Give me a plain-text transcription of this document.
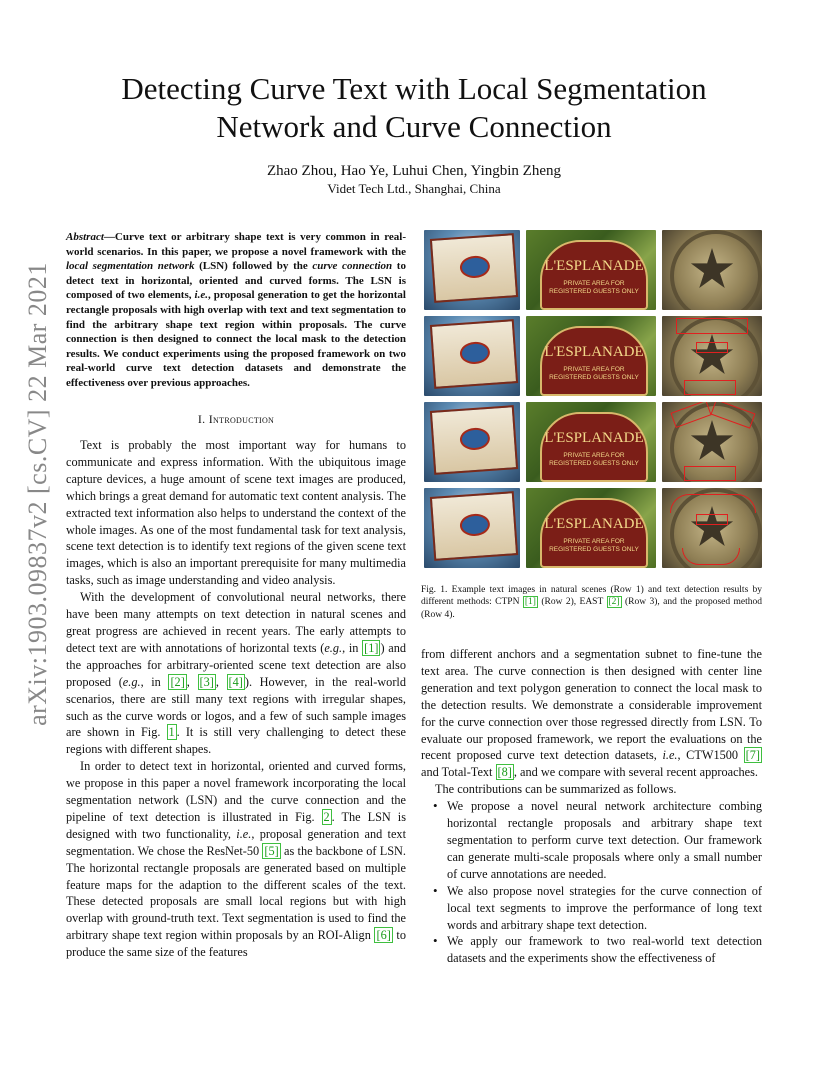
arXiv:1903.09837v2 [cs.CV] 22 Mar 2021
Detecting Curve Text with Local Segmentation
Network and Curve Connection
Zhao Zhou, Hao Ye, Luhui Chen, Yingbin Zheng
Videt Tech Ltd., Shanghai, China
Abstract—Curve text or arbitrary shape text is very common in real-world scenarios. In this paper, we propose a novel framework with the local segmentation network (LSN) followed by the curve connection to detect text in horizontal, oriented and curved forms. The LSN is composed of two elements, i.e., proposal generation to get the horizontal rectangle proposals with high overlap with text and text segmentation to find the arbitrary shape text region within proposals. The curve connection is then designed to connect the local mask to the detection results. We conduct experiments using the proposed framework on two real-world curve text detection datasets and demonstrate the effectiveness over previous approaches.
I. Introduction

Text is probably the most important way for humans to communicate and express information. With the ubiquitous image capture devices, a huge amount of scene text images are produced, which brings a great demand for automatic text content analysis. The extracted text information also helps to understand the context of the whole images. As one of the most fundamental task for text analysis, scene text detection is to identify text regions of the given scene text images, which is also an important prerequisite for many multimedia tasks, such as image understanding and video analysis.

With the development of convolutional neural networks, there have been many attempts on text detection in natural scenes and great progress are achieved in recent years. The early attempts to detect text are with annotations of horizontal texts (e.g., in [1] ) and the approaches for arbitrary-oriented scene text detection are also proposed (e.g., in [2] , [3] , [4] ). However, in the real-world scenarios, there are still many text regions with irregular shapes, such as the curve words or logos, and a few of such sample images are shown in Fig. 1 . It is still very challenging to detect these regions with different shapes.

In order to detect text in horizontal, oriented and curved forms, we propose in this paper a novel framework incorporating the local segmentation network (LSN) and the curve connection and the pipeline of text detection is illustrated in Fig. 2 . The LSN is designed with two functionality, i.e., proposal generation and text segmentation. We chose the ResNet-50 [5] as the backbone of LSN. The horizontal rectangle proposals are generated based on multiple feature maps for the adaption to the different scales of the text. These detected proposals are small local regions but with high overlap with ground-truth text. Text segmentation is used to find the arbitrary shape text region within proposals by an ROI-Align [6] to produce the same size of the features

L'ESPLANADE
PRIVATE AREA FOR
REGISTERED GUESTS ONLY
L'ESPLANADE
PRIVATE AREA FOR
REGISTERED GUESTS ONLY
L'ESPLANADE
PRIVATE AREA FOR
REGISTERED GUESTS ONLY
L'ESPLANADE
PRIVATE AREA FOR
REGISTERED GUESTS ONLY
Fig. 1. Example text images in natural scenes (Row 1) and text detection results by different methods: CTPN [1] (Row 2), EAST [2] (Row 3), and the proposed method (Row 4).

from different anchors and a segmentation subnet to fine-tune the text area. The curve connection is then designed with center line generation and text polygon generation to connect the local mask to the detection results. We demonstrate a considerable improvement for the curve connection over those regressed directly from LSN. To evaluate our proposed framework, we report the evaluations on the recent proposed curve text detection datasets, i.e., CTW1500 [7] and Total-Text [8] , and we compare with several recent approaches.

The contributions can be summarized as follows.

• We propose a novel neural network architecture combing horizontal rectangle proposals and arbitrary shape text segmentation to perform curve text detection. Our framework can generate multi-scale proposals where only a small number of curve annotations are needed.
• We also propose novel strategies for the curve connection of local text segments to improve the performance of long text words and arbitrary shape text detection.
• We apply our framework to two real-world text detection datasets and the experiments show the effectiveness of
